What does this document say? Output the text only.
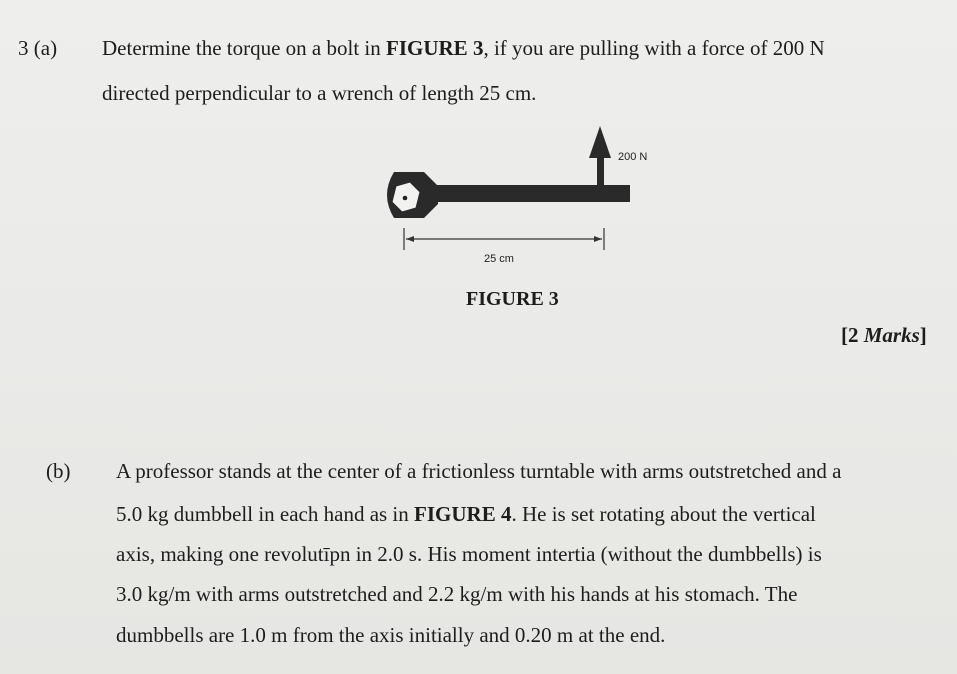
3 (a) Determine the torque on a bolt in FIGURE 3, if you are pulling with a force of 200 N
directed perpendicular to a wrench of length 25 cm.
200 N
25 cm
FIGURE 3
[2 Marks]
(b) A professor stands at the center of a frictionless turntable with arms outstretched and a
5.0 kg dumbbell in each hand as in FIGURE 4. He is set rotating about the vertical
axis, making one revolutīpn in 2.0 s. His moment intertia (without the dumbbells) is
3.0 kg/m with arms outstretched and 2.2 kg/m with his hands at his stomach. The
dumbbells are 1.0 m from the axis initially and 0.20 m at the end.
